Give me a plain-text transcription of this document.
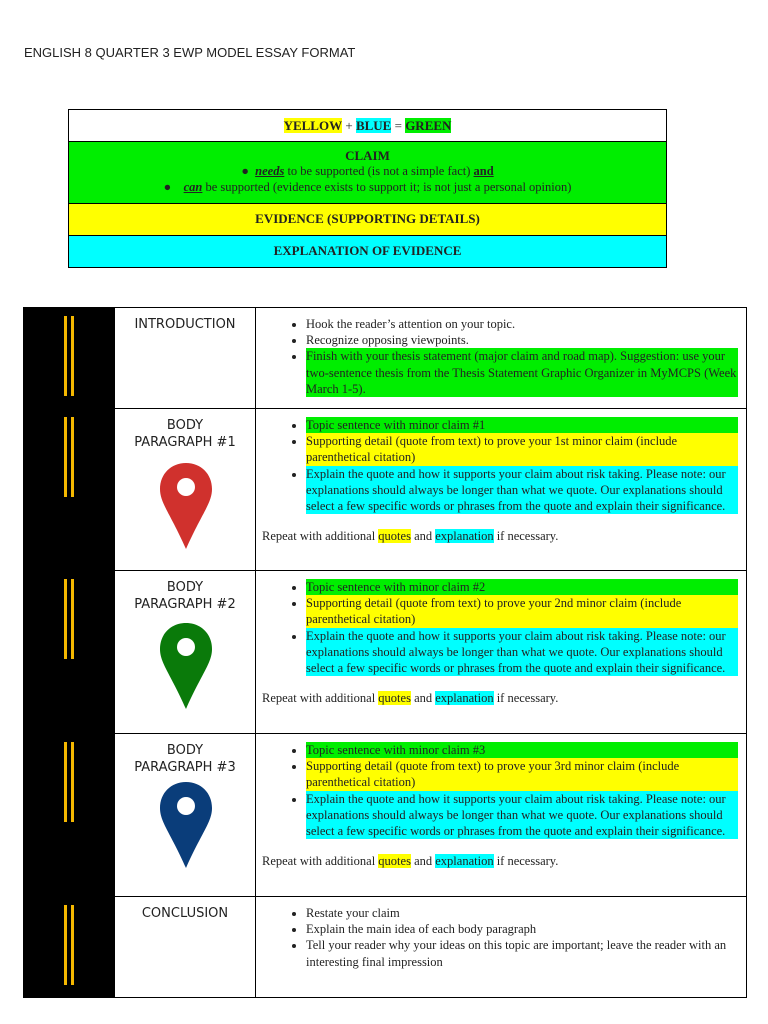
ENGLISH 8 QUARTER 3 EWP MODEL ESSAY FORMAT
YELLOW + BLUE = GREEN
CLAIM
●  needs to be supported (is not a simple fact) and
●    can be supported (evidence exists to support it; is not just a personal opinion)
EVIDENCE (SUPPORTING DETAILS)
EXPLANATION OF EVIDENCE
INTRODUCTION	• Hook the reader’s attention on your topic.
• Recognize opposing viewpoints.
• Finish with your thesis statement (major claim and road map). Suggestion: use your two-sentence thesis from the Thesis Statement Graphic Organizer in MyMCPS (Week March 1-5).
BODY
PARAGRAPH #1
• Topic sentence with minor claim #1
• Supporting detail (quote from text) to prove your 1st minor claim (include parenthetical citation)
• Explain the quote and how it supports your claim about risk taking. Please note: our explanations should always be longer than what we quote. Our explanations should select a few specific words or phrases from the quote and explain their significance.
Repeat with additional quotes and explanation if necessary.
BODY
PARAGRAPH #2
• Topic sentence with minor claim #2
• Supporting detail (quote from text) to prove your 2nd minor claim (include parenthetical citation)
• Explain the quote and how it supports your claim about risk taking. Please note: our explanations should always be longer than what we quote. Our explanations should select a few specific words or phrases from the quote and explain their significance.
Repeat with additional quotes and explanation if necessary.
BODY
PARAGRAPH #3
• Topic sentence with minor claim #3
• Supporting detail (quote from text) to prove your 3rd minor claim (include parenthetical citation)
• Explain the quote and how it supports your claim about risk taking. Please note: our explanations should always be longer than what we quote. Our explanations should select a few specific words or phrases from the quote and explain their significance.
Repeat with additional quotes and explanation if necessary.
CONCLUSION	• Restate your claim
• Explain the main idea of each body paragraph
• Tell your reader why your ideas on this topic are important; leave the reader with an interesting final impression
